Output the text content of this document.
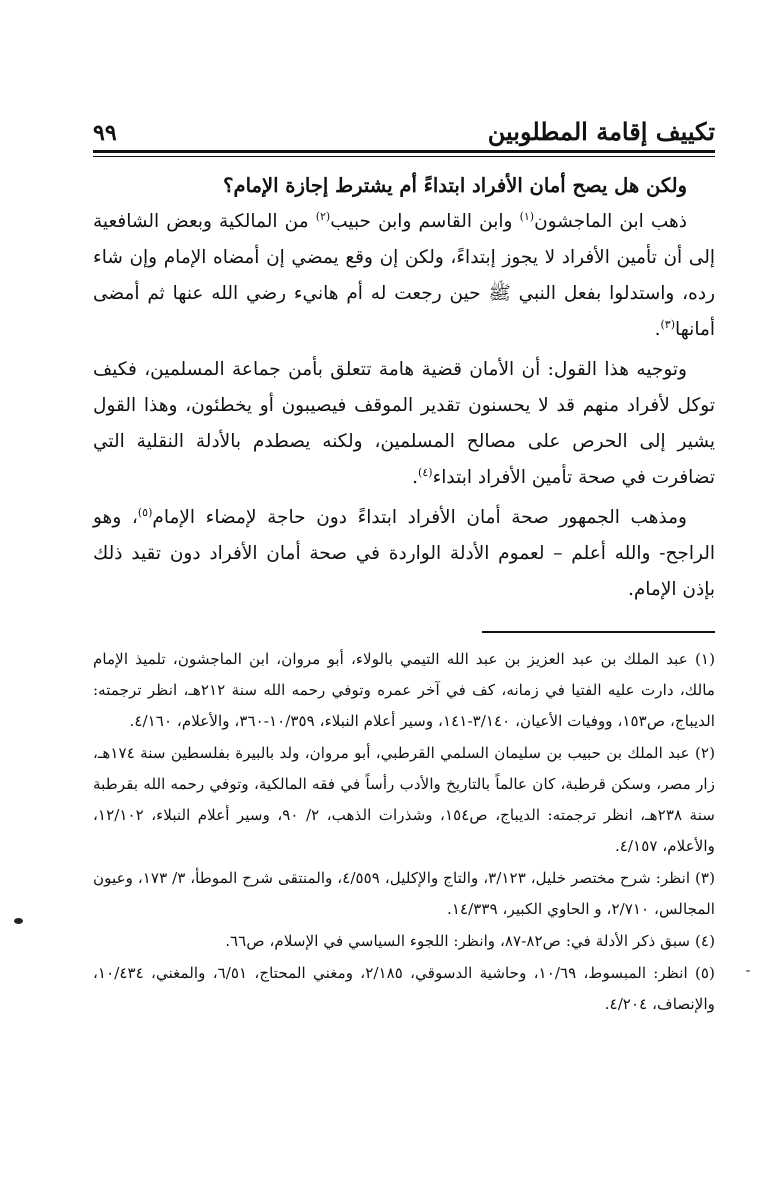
تكييف إقامة المطلوبين
٩٩

ولكن هل يصح أمان الأفراد ابتداءً أم يشترط إجازة الإمام؟

ذهب ابن الماجشون$^{(١)}$ وابن القاسم وابن حبيب$^{(٢)}$ من المالكية وبعض الشافعية إلى أن تأمين الأفراد لا يجوز إبتداءً، ولكن إن وقع يمضي إن أمضاه الإمام وإن شاء رده، واستدلوا بفعل النبي ﷺ حين رجعت له أم هانيء رضي الله عنها ثم أمضى أمانها$^{(٣)}$.

وتوجيه هذا القول: أن الأمان قضية هامة تتعلق بأمن جماعة المسلمين، فكيف توكل لأفراد منهم قد لا يحسنون تقدير الموقف فيصيبون أو يخطئون، وهذا القول يشير إلى الحرص على مصالح المسلمين، ولكنه يصطدم بالأدلة النقلية التي تضافرت في صحة تأمين الأفراد ابتداء$^{(٤)}$.

ومذهب الجمهور صحة أمان الأفراد ابتداءً دون حاجة لإمضاء الإمام$^{(٥)}$، وهو الراجح- والله أعلم – لعموم الأدلة الواردة في صحة أمان الأفراد دون تقيد ذلك بإذن الإمام.

(١) عبد الملك بن عبد العزيز بن عبد الله التيمي بالولاء، أبو مروان، ابن الماجشون، تلميذ الإمام مالك، دارت عليه الفتيا في زمانه، كف في آخر عمره وتوفي رحمه الله سنة ٢١٢هـ، انظر ترجمته: الديباج، ص١٥٣، ووفيات الأعيان، ٣/١٤٠-١٤١، وسير أعلام النبلاء، ١٠/٣٥٩-٣٦٠، والأعلام، ٤/١٦٠.

(٢) عبد الملك بن حبيب بن سليمان السلمي القرطبي، أبو مروان، ولد بالبيرة بفلسطين سنة ١٧٤هـ، زار مصر، وسكن قرطبة، كان عالماً بالتاريخ والأدب رأساً في فقه المالكية، وتوفي رحمه الله بقرطبة سنة ٢٣٨هـ، انظر ترجمته: الديباج، ص١٥٤، وشذرات الذهب، ٢/ ٩٠، وسير أعلام النبلاء، ١٢/١٠٢، والأعلام، ٤/١٥٧.

(٣) انظر: شرح مختصر خليل، ٣/١٢٣، والتاج والإكليل، ٤/٥٥٩، والمنتقى شرح الموطأ، ٣/ ١٧٣، وعيون المجالس، ٢/٧١٠، و الحاوي الكبير، ١٤/٣٣٩.

(٤) سبق ذكر الأدلة في: ص٨٢-٨٧، وانظر: اللجوء السياسي في الإسلام، ص٦٦.

(٥) انظر: المبسوط، ١٠/٦٩، وحاشية الدسوقي، ٢/١٨٥، ومغني المحتاج، ٦/٥١، والمغني، ١٠/٤٣٤، والإنصاف، ٤/٢٠٤.
